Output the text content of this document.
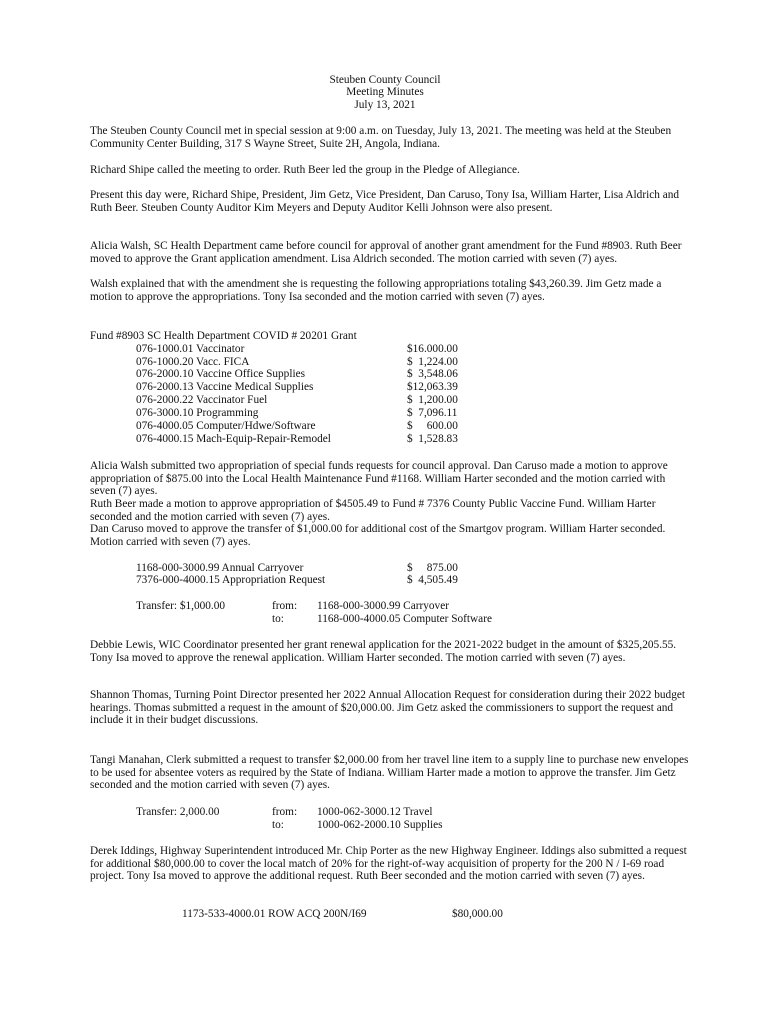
Steuben County Council

Meeting Minutes

July 13, 2021

The Steuben County Council met in special session at 9:00 a.m. on Tuesday, July 13, 2021. The meeting was held at the Steuben Community Center Building, 317 S Wayne Street, Suite 2H, Angola, Indiana.

Richard Shipe called the meeting to order. Ruth Beer led the group in the Pledge of Allegiance.

Present this day were, Richard Shipe, President, Jim Getz, Vice President, Dan Caruso, Tony Isa, William Harter, Lisa Aldrich and Ruth Beer. Steuben County Auditor Kim Meyers and Deputy Auditor Kelli Johnson were also present.

Alicia Walsh, SC Health Department came before council for approval of another grant amendment for the Fund #8903. Ruth Beer moved to approve the Grant application amendment. Lisa Aldrich seconded. The motion carried with seven (7) ayes.

Walsh explained that with the amendment she is requesting the following appropriations totaling $43,260.39. Jim Getz made a motion to approve the appropriations. Tony Isa seconded and the motion carried with seven (7) ayes.

Fund #8903 SC Health Department COVID # 20201 Grant
076-1000.01 Vaccinator	$16.000.00
076-1000.20 Vacc. FICA	$  1,224.00
076-2000.10 Vaccine Office Supplies	$  3,548.06
076-2000.13 Vaccine Medical Supplies	$12,063.39
076-2000.22 Vaccinator Fuel	$  1,200.00
076-3000.10 Programming	$  7,096.11
076-4000.05 Computer/Hdwe/Software	$     600.00
076-4000.15 Mach-Equip-Repair-Remodel	$  1,528.83

Alicia Walsh submitted two appropriation of special funds requests for council approval. Dan Caruso made a motion to approve appropriation of $875.00 into the Local Health Maintenance Fund #1168. William Harter seconded and the motion carried with seven (7) ayes.

Ruth Beer made a motion to approve appropriation of $4505.49 to Fund # 7376 County Public Vaccine Fund. William Harter seconded and the motion carried with seven (7) ayes.

Dan Caruso moved to approve the transfer of $1,000.00 for additional cost of the Smartgov program. William Harter seconded. Motion carried with seven (7) ayes.

1168-000-3000.99 Annual Carryover	$     875.00
7376-000-4000.15 Appropriation Request	$  4,505.49
Transfer: $1,000.00	from: 1168-000-3000.99 Carryover
to:	1168-000-4000.05 Computer Software

Debbie Lewis, WIC Coordinator presented her grant renewal application for the 2021-2022 budget in the amount of $325,205.55. Tony Isa moved to approve the renewal application. William Harter seconded. The motion carried with seven (7) ayes.

Shannon Thomas, Turning Point Director presented her 2022 Annual Allocation Request for consideration during their 2022 budget hearings. Thomas submitted a request in the amount of $20,000.00. Jim Getz asked the commissioners to support the request and include it in their budget discussions.

Tangi Manahan, Clerk submitted a request to transfer $2,000.00 from her travel line item to a supply line to purchase new envelopes to be used for absentee voters as required by the State of Indiana. William Harter made a motion to approve the transfer. Jim Getz seconded and the motion carried with seven (7) ayes.

Transfer: 2,000.00	from: 1000-062-3000.12 Travel
to:	1000-062-2000.10 Supplies

Derek Iddings, Highway Superintendent introduced Mr. Chip Porter as the new Highway Engineer. Iddings also submitted a request for additional $80,000.00 to cover the local match of 20% for the right-of-way acquisition of property for the 200 N / I-69 road project. Tony Isa moved to approve the additional request. Ruth Beer seconded and the motion carried with seven (7) ayes.

1173-533-4000.01 ROW ACQ 200N/I69	$80,000.00
